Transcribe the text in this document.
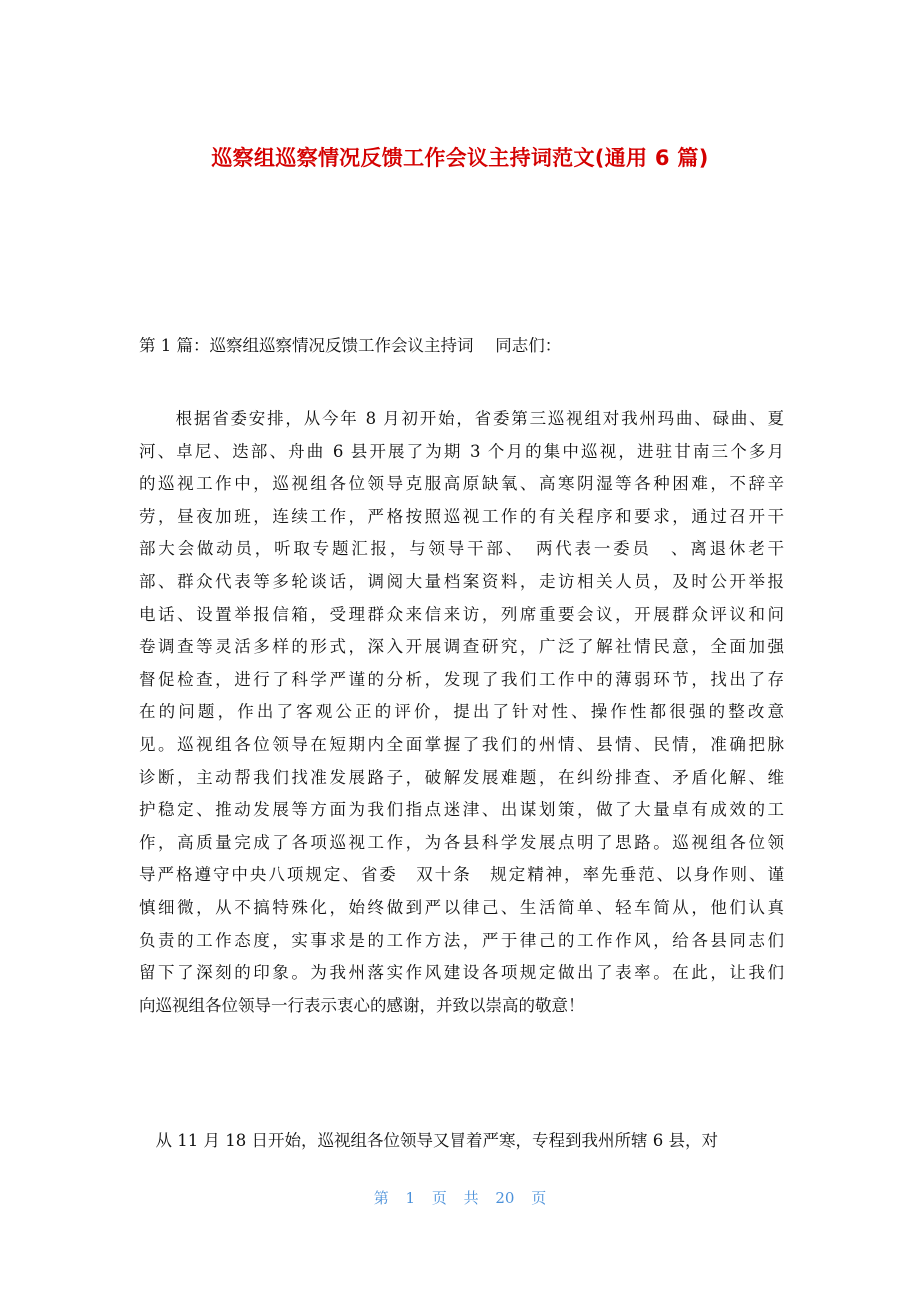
巡察组巡察情况反馈工作会议主持词范文(通用 6 篇)
第 1 篇：巡察组巡察情况反馈工作会议主持词　 同志们：
　　根据省委安排，从今年 8 月初开始，省委第三巡视组对我州玛曲、碌曲、夏
河、卓尼、迭部、舟曲 6 县开展了为期 3 个月的集中巡视，进驻甘南三个多月
的巡视工作中，巡视组各位领导克服高原缺氧、高寒阴湿等各种困难，不辞辛
劳，昼夜加班，连续工作，严格按照巡视工作的有关程序和要求，通过召开干
部大会做动员，听取专题汇报，与领导干部、　两代表一委员　、离退休老干
部、群众代表等多轮谈话，调阅大量档案资料，走访相关人员，及时公开举报
电话、设置举报信箱，受理群众来信来访，列席重要会议，开展群众评议和问
卷调查等灵活多样的形式，深入开展调查研究，广泛了解社情民意，全面加强
督促检查，进行了科学严谨的分析，发现了我们工作中的薄弱环节，找出了存
在的问题，作出了客观公正的评价，提出了针对性、操作性都很强的整改意
见。巡视组各位领导在短期内全面掌握了我们的州情、县情、民情，准确把脉
诊断，主动帮我们找准发展路子，破解发展难题，在纠纷排查、矛盾化解、维
护稳定、推动发展等方面为我们指点迷津、出谋划策，做了大量卓有成效的工
作，高质量完成了各项巡视工作，为各县科学发展点明了思路。巡视组各位领
导严格遵守中央八项规定、省委　双十条　规定精神，率先垂范、以身作则、谨
慎细微，从不搞特殊化，始终做到严以律己、生活简单、轻车简从，他们认真
负责的工作态度，实事求是的工作方法，严于律己的工作作风，给各县同志们
留下了深刻的印象。为我州落实作风建设各项规定做出了表率。在此，让我们
向巡视组各位领导一行表示衷心的感谢，并致以崇高的敬意！
　从 11 月 18 日开始，巡视组各位领导又冒着严寒，专程到我州所辖 6 县，对
第 1 页 共 20 页
